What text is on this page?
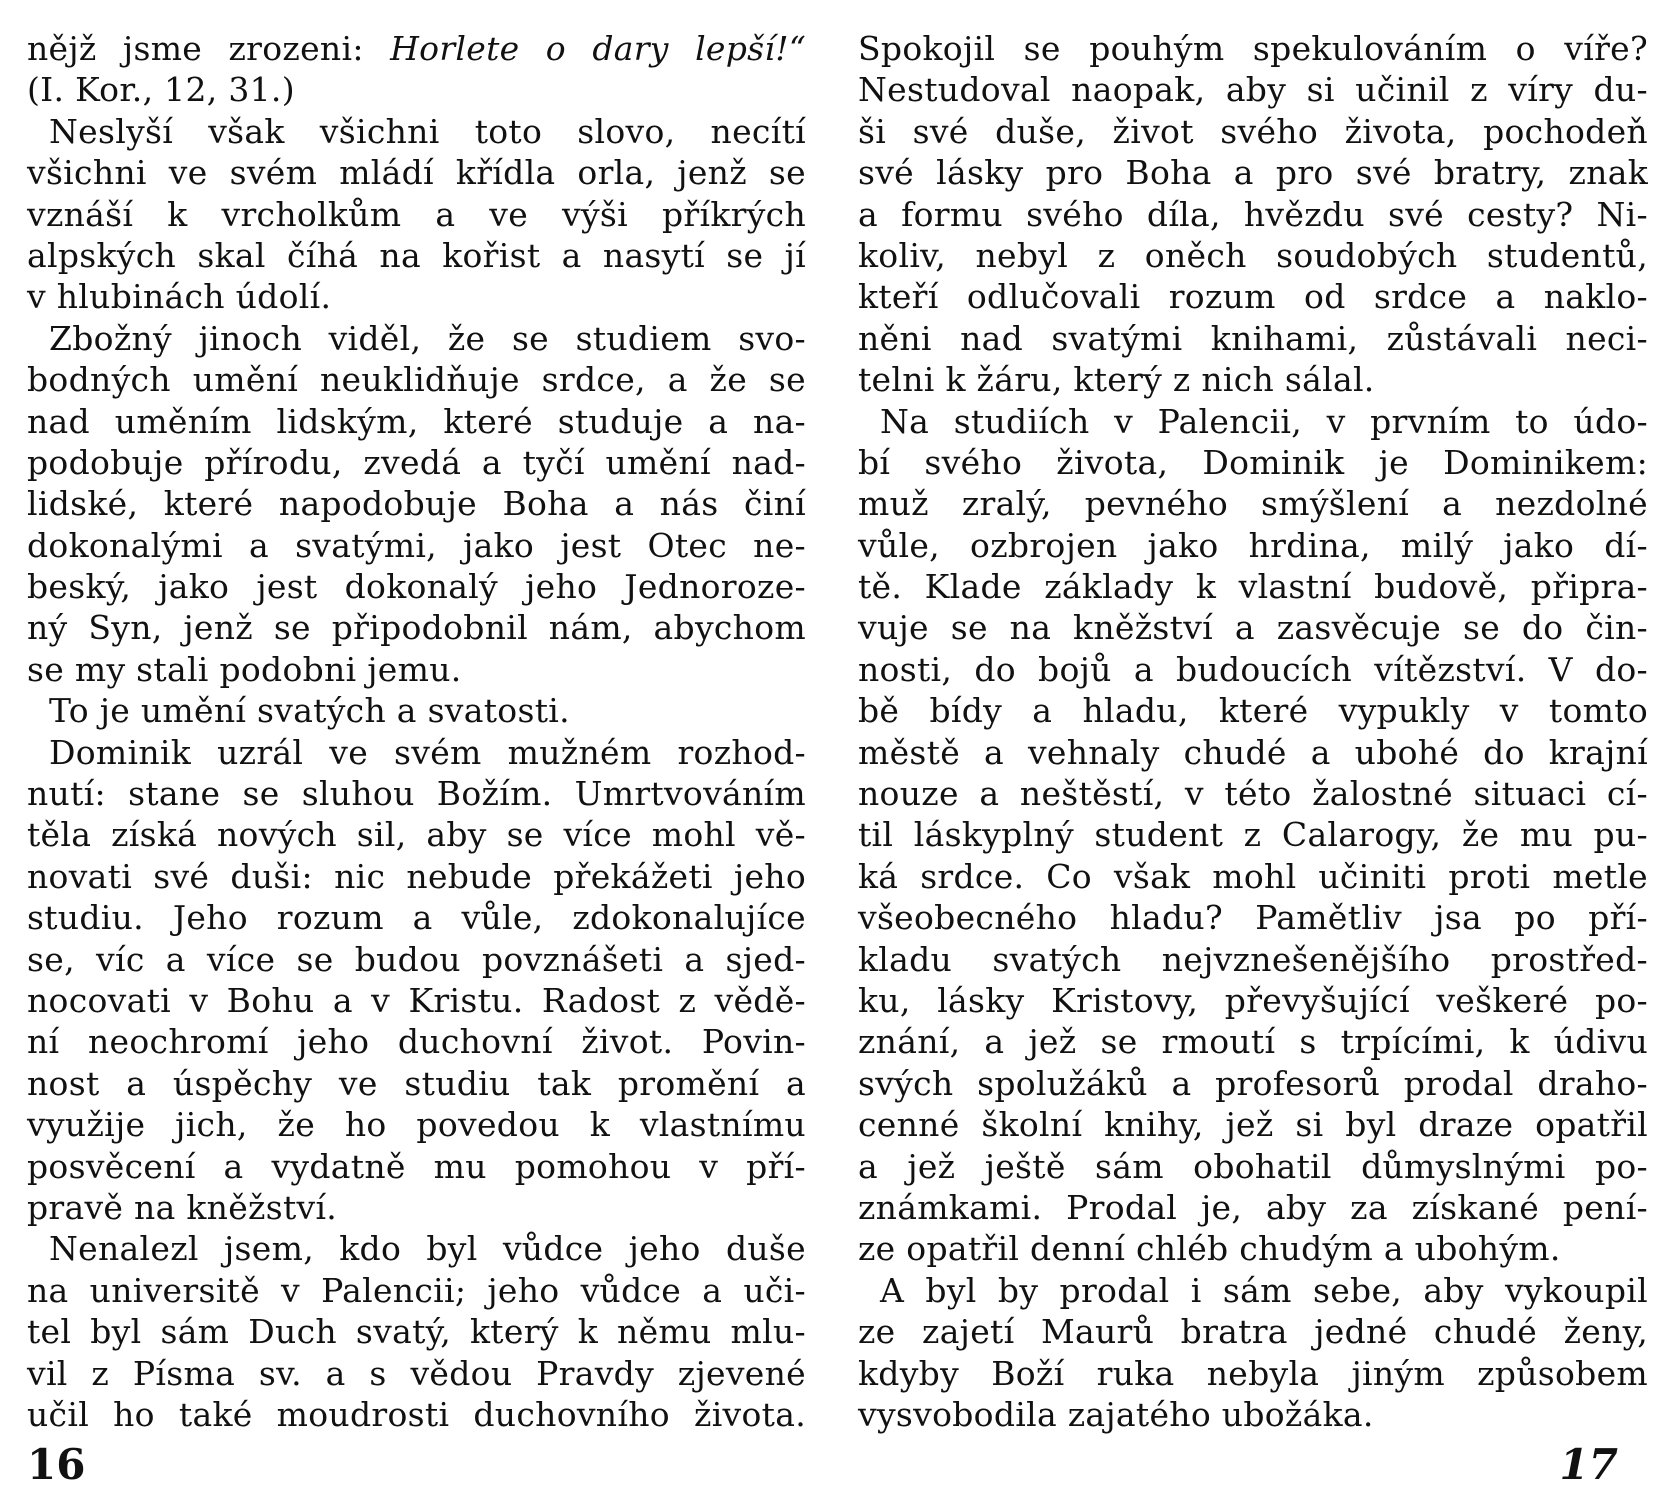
nějž jsme zrozeni: Horlete o dary lepší!“
(I. Kor., 12, 31.)
Neslyší však všichni toto slovo, necítí
všichni ve svém mládí křídla orla, jenž se
vznáší k vrcholkům a ve výši příkrých
alpských skal číhá na kořist a nasytí se jí
v hlubinách údolí.
Zbožný jinoch viděl, že se studiem svo-
bodných umění neuklidňuje srdce, a že se
nad uměním lidským, které studuje a na-
podobuje přírodu, zvedá a tyčí umění nad-
lidské, které napodobuje Boha a nás činí
dokonalými a svatými, jako jest Otec ne-
beský, jako jest dokonalý jeho Jednoroze-
ný Syn, jenž se připodobnil nám, abychom
se my stali podobni jemu.
To je umění svatých a svatosti.
Dominik uzrál ve svém mužném rozhod-
nutí: stane se sluhou Božím. Umrtvováním
těla získá nových sil, aby se více mohl vě-
novati své duši: nic nebude překážeti jeho
studiu. Jeho rozum a vůle, zdokonalujíce
se, víc a více se budou povznášeti a sjed-
nocovati v Bohu a v Kristu. Radost z vědě-
ní neochromí jeho duchovní život. Povin-
nost a úspěchy ve studiu tak promění a
využije jich, že ho povedou k vlastnímu
posvěcení a vydatně mu pomohou v pří-
pravě na kněžství.
Nenalezl jsem, kdo byl vůdce jeho duše
na universitě v Palencii; jeho vůdce a uči-
tel byl sám Duch svatý, který k němu mlu-
vil z Písma sv. a s vědou Pravdy zjevené
učil ho také moudrosti duchovního života.
16
Spokojil se pouhým spekulováním o víře?
Nestudoval naopak, aby si učinil z víry du-
ši své duše, život svého života, pochodeň
své lásky pro Boha a pro své bratry, znak
a formu svého díla, hvězdu své cesty? Ni-
koliv, nebyl z oněch soudobých studentů,
kteří odlučovali rozum od srdce a naklo-
něni nad svatými knihami, zůstávali neci-
telni k žáru, který z nich sálal.
Na studiích v Palencii, v prvním to údo-
bí svého života, Dominik je Dominikem:
muž zralý, pevného smýšlení a nezdolné
vůle, ozbrojen jako hrdina, milý jako dí-
tě. Klade základy k vlastní budově, připra-
vuje se na kněžství a zasvěcuje se do čin-
nosti, do bojů a budoucích vítězství. V do-
bě bídy a hladu, které vypukly v tomto
městě a vehnaly chudé a ubohé do krajní
nouze a neštěstí, v této žalostné situaci cí-
til láskyplný student z Calarogy, že mu pu-
ká srdce. Co však mohl učiniti proti metle
všeobecného hladu? Pamětliv jsa po pří-
kladu svatých nejvznešenějšího prostřed-
ku, lásky Kristovy, převyšující veškeré po-
znání, a jež se rmoutí s trpícími, k údivu
svých spolužáků a profesorů prodal draho-
cenné školní knihy, jež si byl draze opatřil
a jež ještě sám obohatil důmyslnými po-
známkami. Prodal je, aby za získané pení-
ze opatřil denní chléb chudým a ubohým.
A byl by prodal i sám sebe, aby vykoupil
ze zajetí Maurů bratra jedné chudé ženy,
kdyby Boží ruka nebyla jiným způsobem
vysvobodila zajatého ubožáka.
17
